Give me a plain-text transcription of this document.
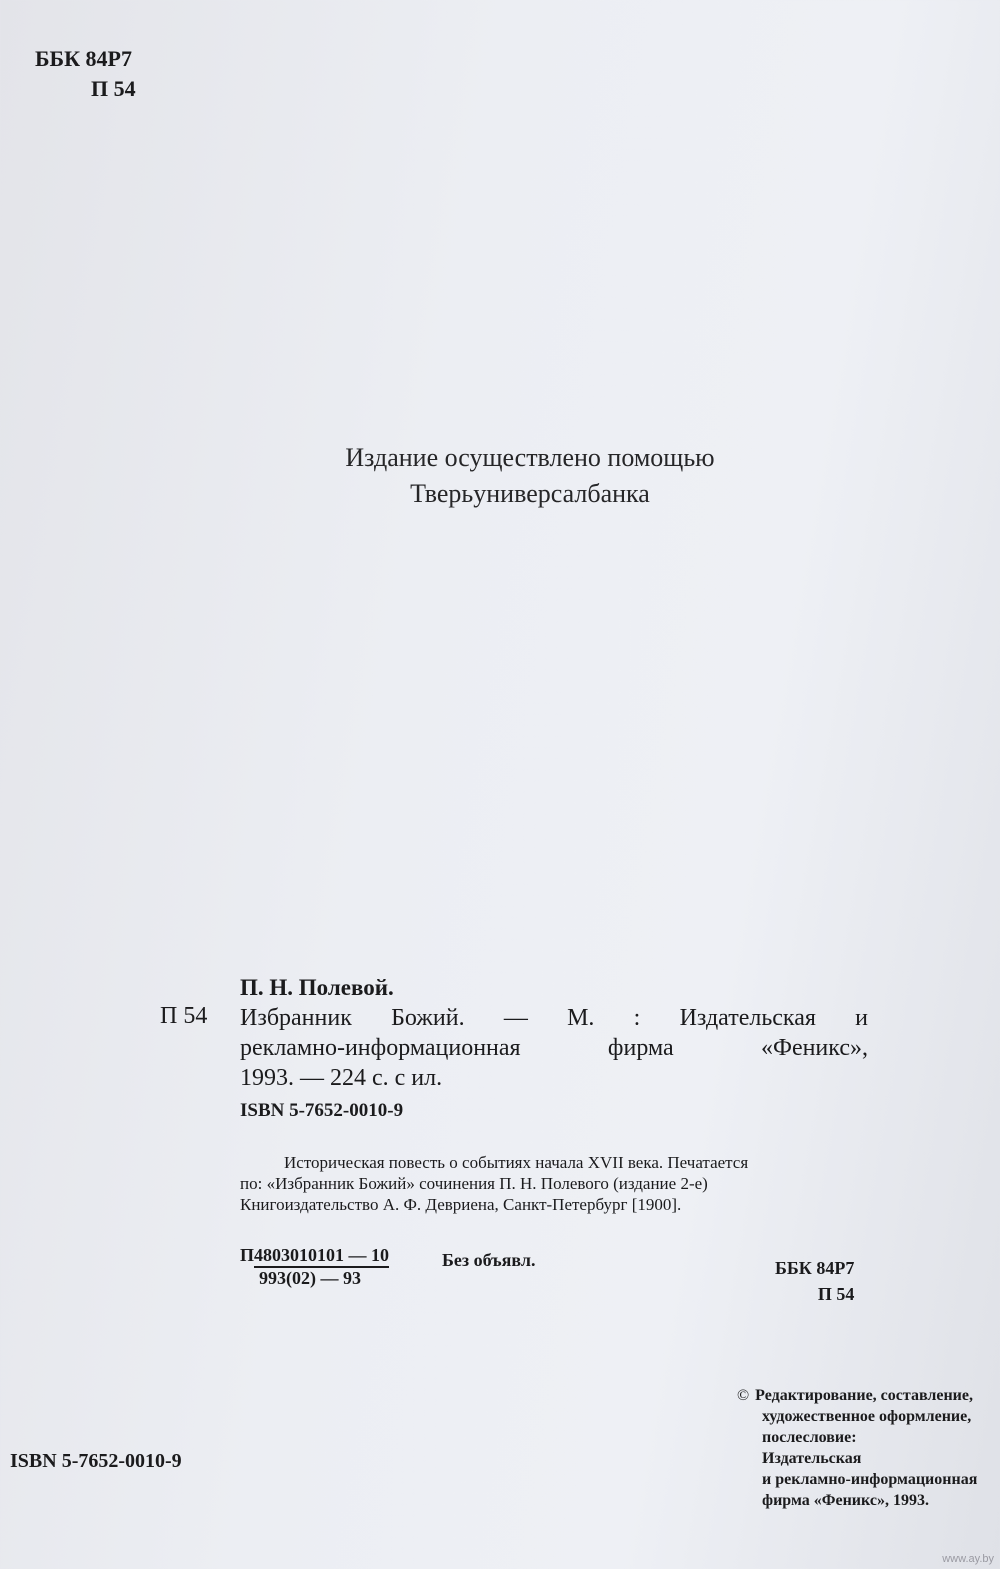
ББК 84Р7
П 54
Издание осуществлено помощью
Тверьуниверсалбанка
П. Н. Полевой.
П 54 Избранник Божий. — М. : Издательская и
рекламно-информационная фирма «Феникс»,
1993. — 224 с. с ил.
ISBN 5-7652-0010-9
Историческая повесть о событиях начала XVII века. Печатается
по: «Избранник Божий» сочинения П. Н. Полевого (издание 2-е)
Книгоиздательство А. Ф. Девриена, Санкт-Петербург [1900].
П4803010101 — 10
993(02) — 93
Без объявл.	ББК 84Р7
П 54
ISBN 5-7652-0010-9
© Редактирование, составление,
художественное оформление,
послесловие:
Издательская
и рекламно-информационная
фирма «Феникс», 1993.
www.ay.by
